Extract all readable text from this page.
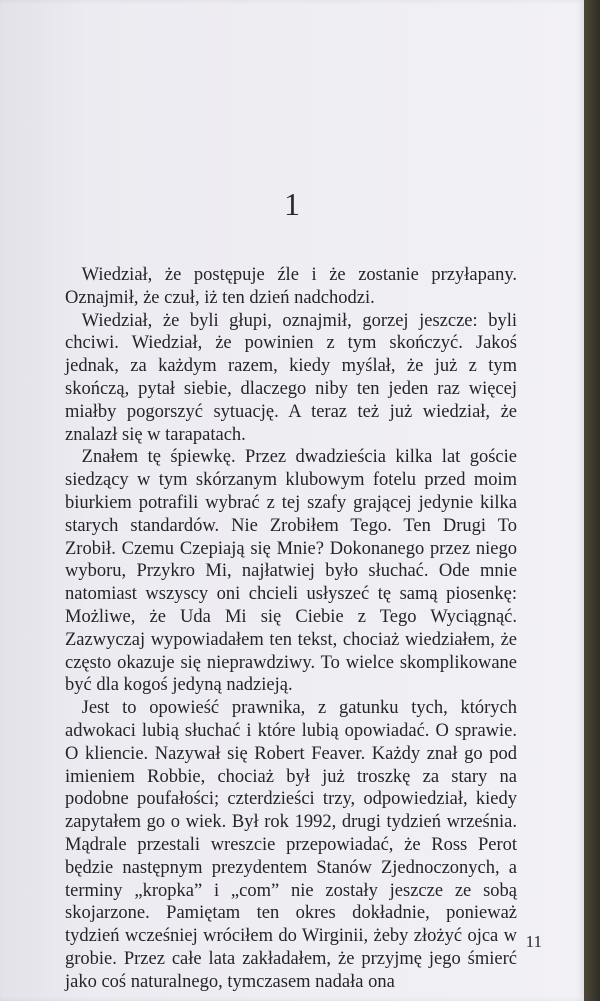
1

Wiedział, że postępuje źle i że zostanie przyłapany. Oznajmił, że czuł, iż ten dzień nadchodzi.

Wiedział, że byli głupi, oznajmił, gorzej jeszcze: byli chciwi. Wiedział, że powinien z tym skończyć. Jakoś jednak, za każdym razem, kiedy myślał, że już z tym skończą, pytał siebie, dlaczego niby ten jeden raz więcej miałby pogorszyć sytuację. A teraz też już wiedział, że znalazł się w tarapatach.

Znałem tę śpiewkę. Przez dwadzieścia kilka lat goście siedzący w tym skórzanym klubowym fotelu przed moim biurkiem potrafili wybrać z tej szafy grającej jedynie kilka starych standardów. Nie Zrobiłem Tego. Ten Drugi To Zrobił. Czemu Czepiają się Mnie? Dokonanego przez niego wyboru, Przykro Mi, najłatwiej było słuchać. Ode mnie natomiast wszyscy oni chcieli usłyszeć tę samą piosenkę: Możliwe, że Uda Mi się Ciebie z Tego Wyciągnąć. Zazwyczaj wypowiadałem ten tekst, chociaż wiedziałem, że często okazuje się nieprawdziwy. To wielce skomplikowane być dla kogoś jedyną nadzieją.

Jest to opowieść prawnika, z gatunku tych, których adwokaci lubią słuchać i które lubią opowiadać. O sprawie. O kliencie. Nazywał się Robert Feaver. Każdy znał go pod imieniem Robbie, chociaż był już troszkę za stary na podobne poufałości; czterdzieści trzy, odpowiedział, kiedy zapytałem go o wiek. Był rok 1992, drugi tydzień września. Mądrale przestali wreszcie przepowiadać, że Ross Perot będzie następnym prezydentem Stanów Zjednoczonych, a terminy „kropka” i „com” nie zostały jeszcze ze sobą skojarzone. Pamiętam ten okres dokładnie, ponieważ tydzień wcześniej wróciłem do Wirginii, żeby złożyć ojca w grobie. Przez całe lata zakładałem, że przyjmę jego śmierć jako coś naturalnego, tymczasem nadała ona

11
